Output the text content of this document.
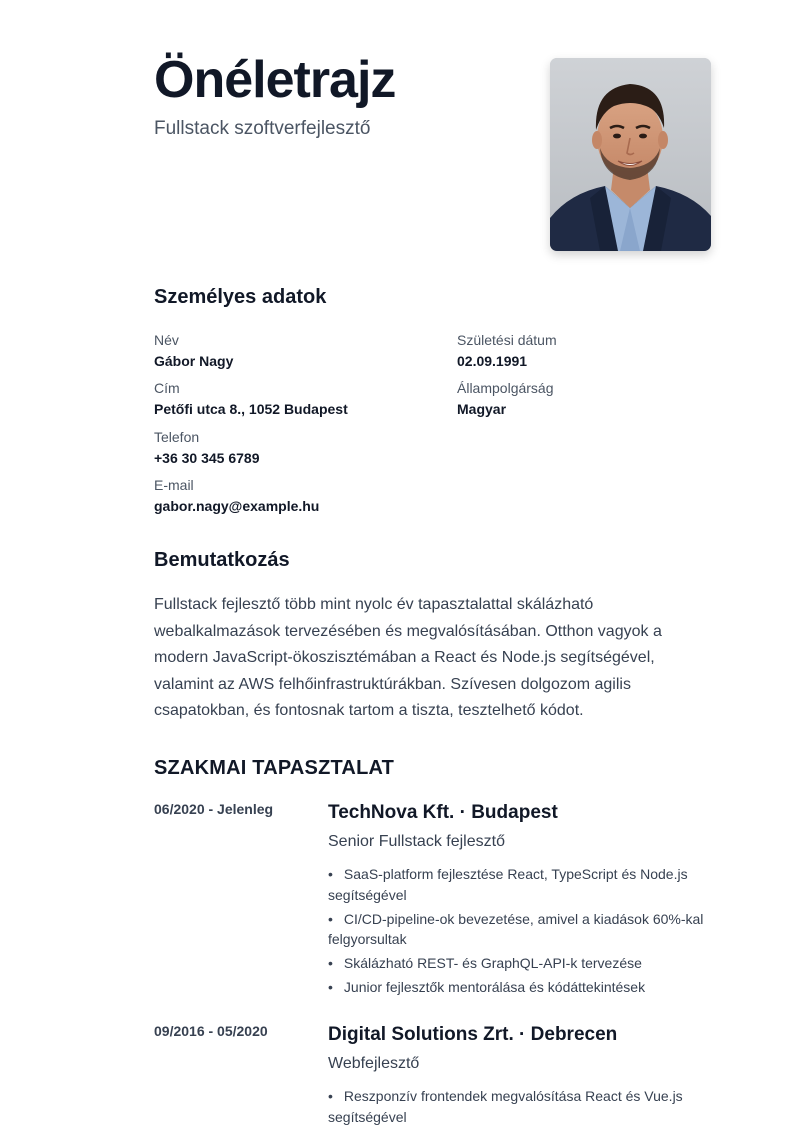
Önéletrajz
Fullstack szoftverfejlesztő
Személyes adatok
Név
Gábor Nagy
Cím
Petőfi utca 8., 1052 Budapest
Telefon
+36 30 345 6789
E-mail
gabor.nagy@example.hu
Születési dátum
02.09.1991
Állampolgárság
Magyar
Bemutatkozás
Fullstack fejlesztő több mint nyolc év tapasztalattal skálázható
webalkalmazások tervezésében és megvalósításában. Otthon vagyok a
modern JavaScript-ökoszisztémában a React és Node.js segítségével,
valamint az AWS felhőinfrastruktúrákban. Szívesen dolgozom agilis
csapatokban, és fontosnak tartom a tiszta, tesztelhető kódot.
SZAKMAI TAPASZTALAT
06/2020 - Jelenleg	TechNova Kft. · Budapest
Senior Fullstack fejlesztő
• SaaS-platform fejlesztése React, TypeScript és Node.js segítségével
• CI/CD-pipeline-ok bevezetése, amivel a kiadások 60%-kal felgyorsultak
• Skálázható REST- és GraphQL-API-k tervezése
• Junior fejlesztők mentorálása és kódáttekintések
09/2016 - 05/2020	Digital Solutions Zrt. · Debrecen
Webfejlesztő
• Reszponzív frontendek megvalósítása React és Vue.js segítségével
